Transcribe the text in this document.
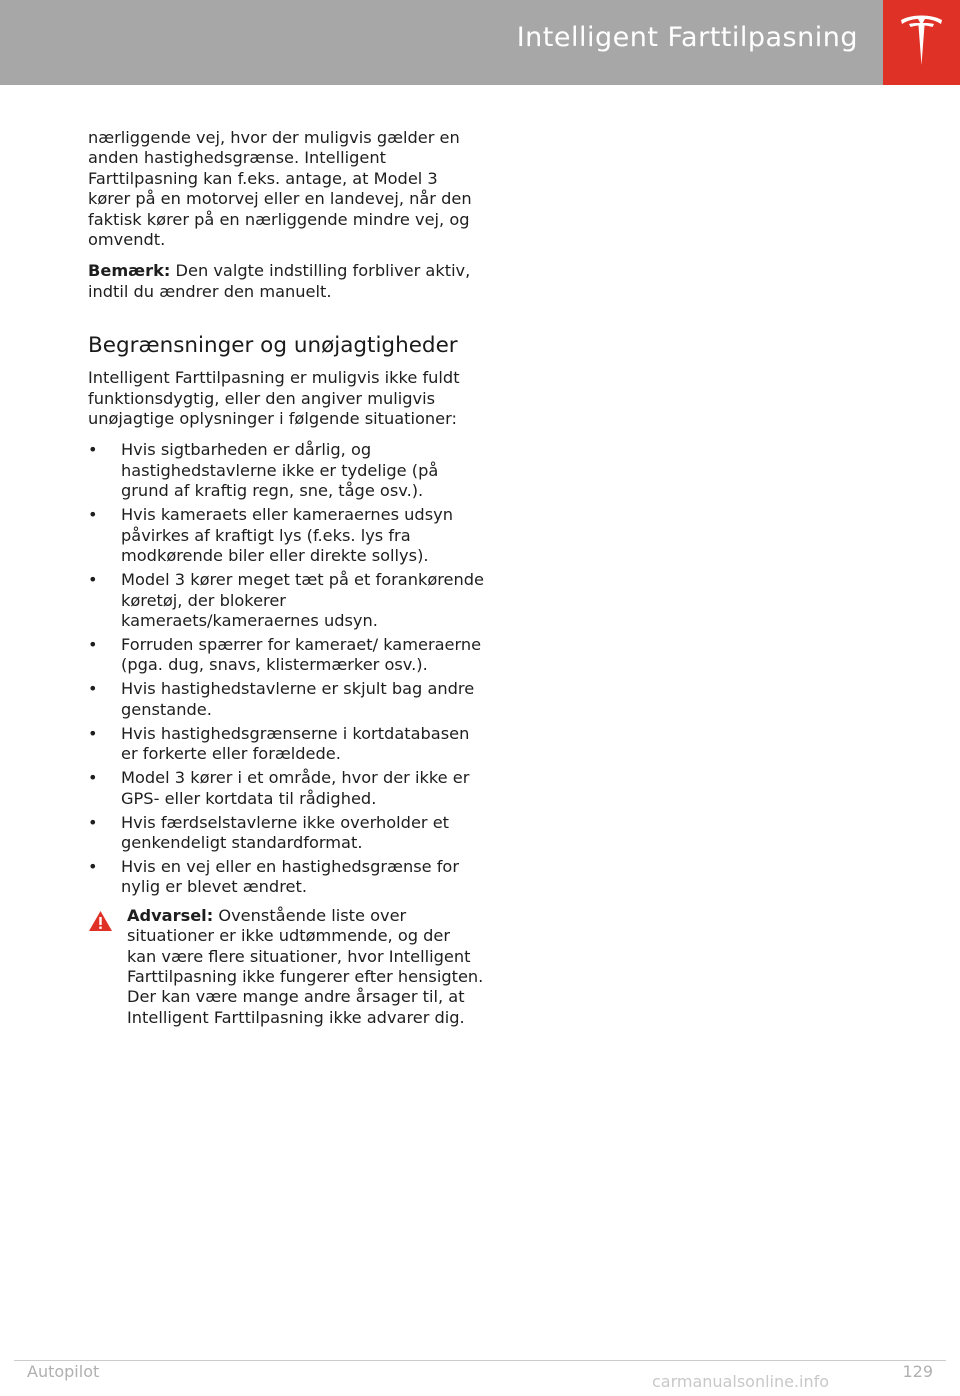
Intelligent Farttilpasning

nærliggende vej, hvor der muligvis gælder en anden hastighedsgrænse. Intelligent Farttilpasning kan f.eks. antage, at Model 3 kører på en motorvej eller en landevej, når den faktisk kører på en nærliggende mindre vej, og omvendt.

Bemærk: Den valgte indstilling forbliver aktiv, indtil du ændrer den manuelt.

Begrænsninger og unøjagtigheder

Intelligent Farttilpasning er muligvis ikke fuldt funktionsdygtig, eller den angiver muligvis unøjagtige oplysninger i følgende situationer:

• Hvis sigtbarheden er dårlig, og hastighedstavlerne ikke er tydelige (på grund af kraftig regn, sne, tåge osv.).
• Hvis kameraets eller kameraernes udsyn påvirkes af kraftigt lys (f.eks. lys fra modkørende biler eller direkte sollys).
• Model 3 kører meget tæt på et forankørende køretøj, der blokerer kameraets/kameraernes udsyn.
• Forruden spærrer for kameraet/ kameraerne (pga. dug, snavs, klistermærker osv.).
• Hvis hastighedstavlerne er skjult bag andre genstande.
• Hvis hastighedsgrænserne i kortdatabasen er forkerte eller forældede.
• Model 3 kører i et område, hvor der ikke er GPS- eller kortdata til rådighed.
• Hvis færdselstavlerne ikke overholder et genkendeligt standardformat.
• Hvis en vej eller en hastighedsgrænse for nylig er blevet ændret.
Advarsel: Ovenstående liste over situationer er ikke udtømmende, og der kan være flere situationer, hvor Intelligent Farttilpasning ikke fungerer efter hensigten. Der kan være mange andre årsager til, at Intelligent Farttilpasning ikke advarer dig.
Autopilot	129
carmanualsonline.info
